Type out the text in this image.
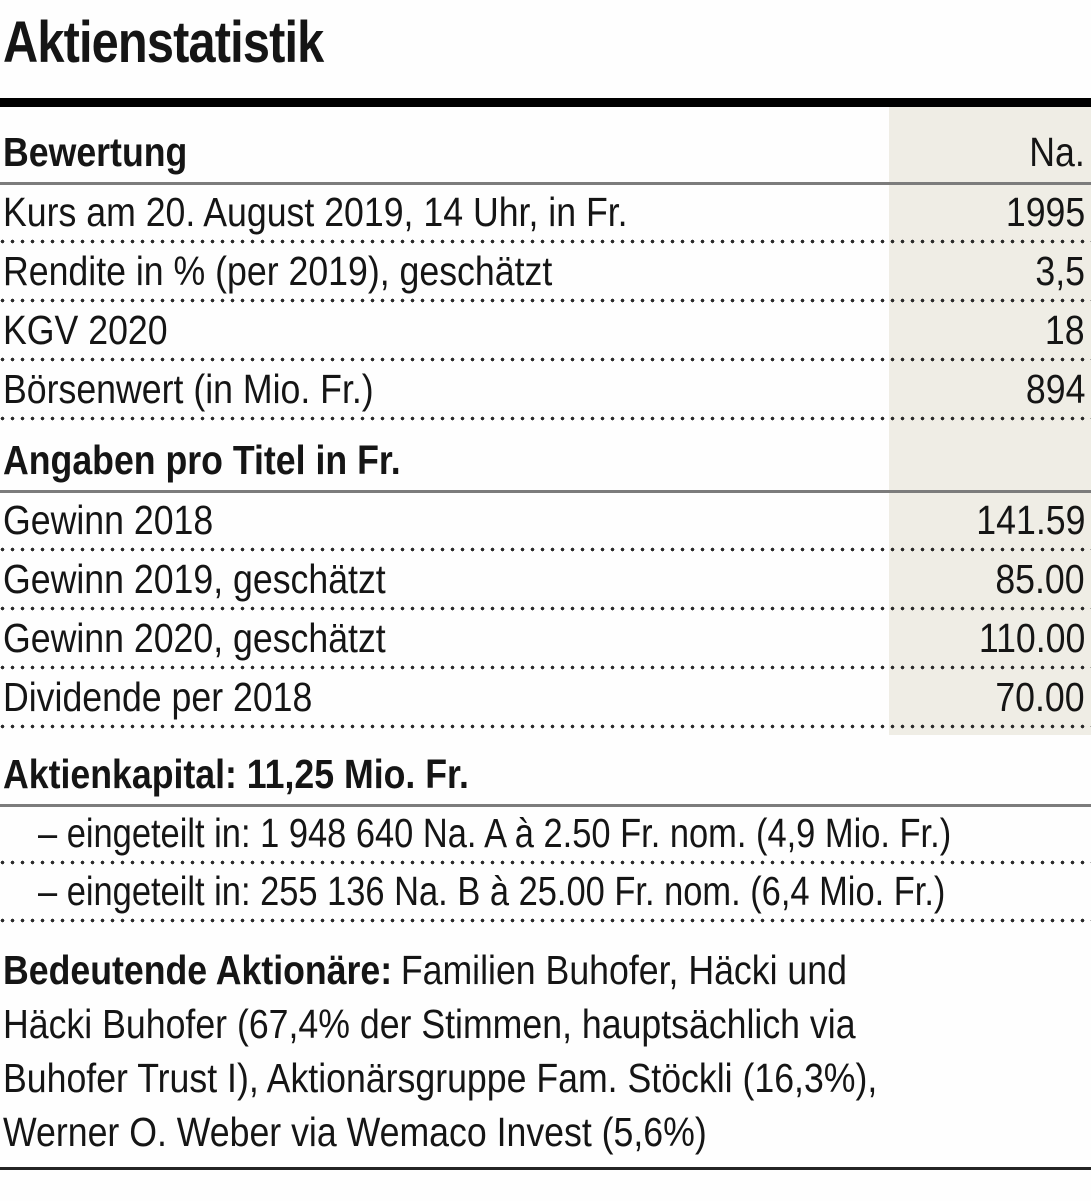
Aktienstatistik
Bewertung	Na.
Kurs am 20. August 2019, 14 Uhr, in Fr.	1995
Rendite in % (per 2019), geschätzt	3,5
KGV 2020	18
Börsenwert (in Mio. Fr.)	894
Angaben pro Titel in Fr.
Gewinn 2018	141.59
Gewinn 2019, geschätzt	85.00
Gewinn 2020, geschätzt	110.00
Dividende per 2018	70.00
Aktienkapital: 11,25 Mio. Fr.
– eingeteilt in: 1 948 640 Na. A à 2.50 Fr. nom. (4,9 Mio. Fr.)
– eingeteilt in: 255 136 Na. B à 25.00 Fr. nom. (6,4 Mio. Fr.)
Bedeutende Aktionäre: Familien Buhofer, Häcki und
Häcki Buhofer (67,4% der Stimmen, hauptsächlich via
Buhofer Trust I), Aktionärsgruppe Fam. Stöckli (16,3%),
Werner O. Weber via Wemaco Invest (5,6%)
